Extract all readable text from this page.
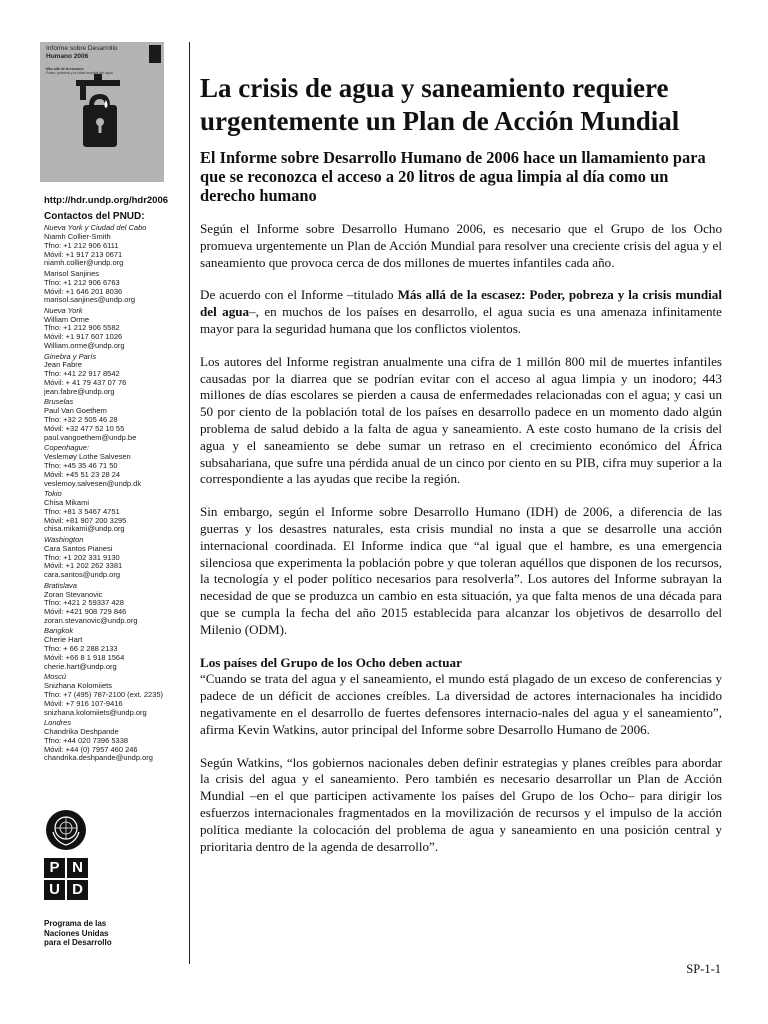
Informe sobre Desarrollo
Humano 2006
Más allá de la escasez:
Poder, pobreza y la crisis mundial del agua
http://hdr.undp.org/hdr2006
Contactos del PNUD:
Nueva York y Ciudad del Cabo
Niamh Collier-Smith
Tfno: +1 212 906 6111
Móvil: +1 917 213 0671
niamh.collier@undp.org
Marisol Sanjines
Tfno: +1 212 906 6763
Móvil: +1 646 201 8036
marisol.sanjines@undp.org
Nueva York
William Orme
Tfno: +1 212 906 5582
Móvil: +1 917 607 1026
William.orme@undp.org
Ginebra y París
Jean Fabre
Tfno: +41 22 917 8542
Móvil: + 41 79 437 07 76
jean.fabre@undp.org
Bruselas
Paul Van Goethem
Tfno: +32 2 505 46 28
Móvil: +32 477 52 10 55
paul.vangoethem@undp.be
Copenhague:
Veslemøy Lothe Salvesen
Tfno: +45 35 46 71 50
Móvil: +45 51 23 28 24
veslemoy.salvesen@undp.dk
Tokio
Chisa Mikami
Tfno: +81 3 5467 4751
Móvil: +81 907 200 3295
chisa.mikami@undp.org
Washington
Cara Santos Pianesi
Tfno: +1 202 331 9130
Móvil: +1 202 262 3381
cara.santos@undp.org
Bratislava
Zoran Stevanovic
Tfno: +421 2 59337 428
Móvil: +421 908 729 846
zoran.stevanovic@undp.org
Bangkok
Cherie Hart
Tfno: + 66 2 288 2133
Móvil: +66 8 1 918 1564
cherie.hart@undp.org
Moscú
Snizhana Kolomiiets
Tfno: +7 (495) 787-2100 (ext. 2235)
Móvil: +7 916 107-9416
snizhana.kolomiiets@undp.org
Londres
Chandrika Deshpande
Tfno: +44 020 7396 5338
Móvil: +44 (0) 7957 460 246
chandrika.deshpande@undp.org
P N
U D
Programa de las
Naciones Unidas
para el Desarrollo
La crisis de agua y saneamiento requiere urgentemente un Plan de Acción Mundial
El Informe sobre Desarrollo Humano de 2006 hace un llamamiento para que se reconozca el acceso a 20 litros de agua limpia al día como un derecho humano

Según el Informe sobre Desarrollo Humano 2006, es necesario que el Grupo de los Ocho promueva urgentemente un Plan de Acción Mundial para resolver una creciente crisis del agua y el saneamiento que provoca cerca de dos millones de muertes infantiles cada año.

De acuerdo con el Informe –titulado Más allá de la escasez: Poder, pobreza y la crisis mundial del agua–, en muchos de los países en desarrollo, el agua sucia es una amenaza infinitamente mayor para la seguridad humana que los conflictos violentos.

Los autores del Informe registran anualmente una cifra de 1 millón 800 mil de muertes infantiles causadas por la diarrea que se podrían evitar con el acceso al agua limpia y un inodoro; 443 millones de días escolares se pierden a causa de enfermedades relacionadas con el agua; y casi un 50 por ciento de la población total de los países en desarrollo padece en un momento dado algún problema de salud debido a la falta de agua y saneamiento. A este costo humano de la crisis del agua y el saneamiento se debe sumar un retraso en el crecimiento económico del África subsahariana, que sufre una pérdida anual de un cinco por ciento en su PIB, cifra muy superior a la correspondiente a las ayudas que recibe la región.

Sin embargo, según el Informe sobre Desarrollo Humano (IDH) de 2006, a diferencia de las guerras y los desastres naturales, esta crisis mundial no insta a que se desarrolle una acción internacional coordinada. El Informe indica que “al igual que el hambre, es una emergencia silenciosa que experimenta la población pobre y que toleran aquéllos que disponen de los recursos, la tecnología y el poder político necesarios para resolverla”. Los autores del Informe subrayan la necesidad de que se produzca un cambio en esta situación, ya que falta menos de una década para que se cumpla la fecha del año 2015 establecida para alcanzar los objetivos de desarrollo del Milenio (ODM).

Los países del Grupo de los Ocho deben actuar

“Cuando se trata del agua y el saneamiento, el mundo está plagado de un exceso de conferencias y padece de un déficit de acciones creíbles. La diversidad de actores internacionales ha incidido negativamente en el desarrollo de fuertes defensores internacio-nales del agua y el saneamiento”, afirma Kevin Watkins, autor principal del Informe sobre Desarrollo Humano de 2006.

Según Watkins, “los gobiernos nacionales deben definir estrategias y planes creíbles para abordar la crisis del agua y el saneamiento. Pero también es necesario desarrollar un Plan de Acción Mundial –en el que participen activamente los países del Grupo de los Ocho– para dirigir los esfuerzos internacionales fragmentados en la movilización de recursos y el impulso de la acción política mediante la colocación del problema de agua y saneamiento en una posición central y prioritaria dentro de la agenda de desarrollo”.

SP-1-1
